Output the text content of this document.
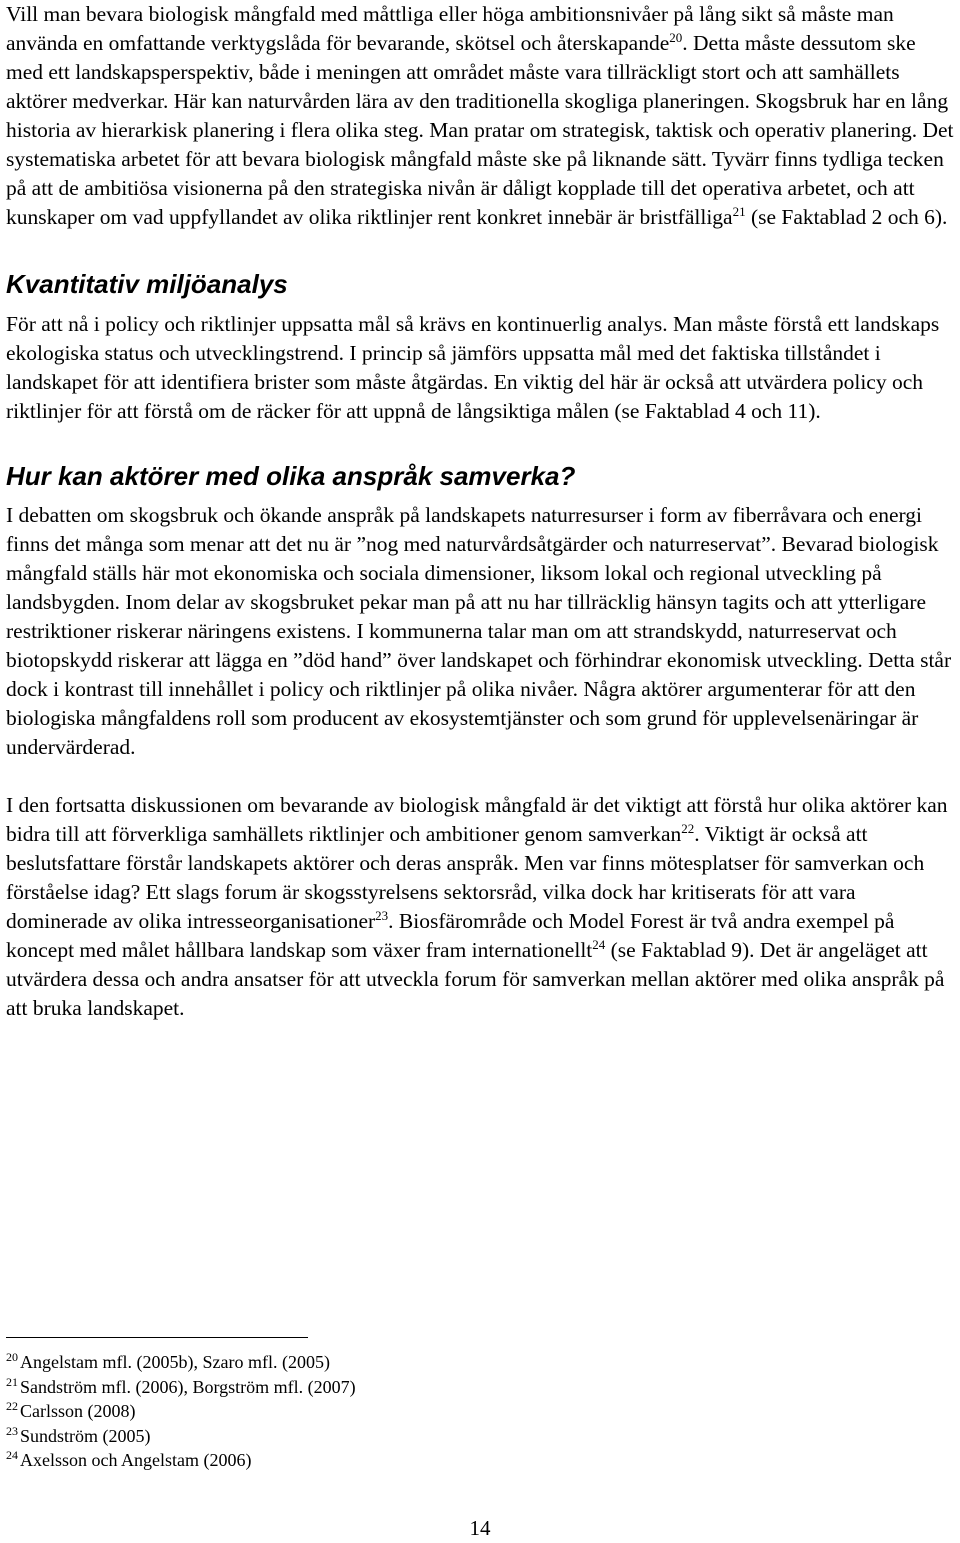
Vill man bevara biologisk mångfald med måttliga eller höga ambitionsnivåer på lång sikt så måste man använda en omfattande verktygslåda för bevarande, skötsel och återskapande$^{20}$. Detta måste dessutom ske med ett landskapsperspektiv, både i meningen att området måste vara tillräckligt stort och att samhällets aktörer medverkar. Här kan naturvården lära av den traditionella skogliga planeringen. Skogsbruk har en lång historia av hierarkisk planering i flera olika steg. Man pratar om strategisk, taktisk och operativ planering. Det systematiska arbetet för att bevara biologisk mångfald måste ske på liknande sätt. Tyvärr finns tydliga tecken på att de ambitiösa visionerna på den strategiska nivån är dåligt kopplade till det operativa arbetet, och att kunskaper om vad uppfyllandet av olika riktlinjer rent konkret innebär är bristfälliga$^{21}$ (se Faktablad 2 och 6).

Kvantitativ miljöanalys

För att nå i policy och riktlinjer uppsatta mål så krävs en kontinuerlig analys. Man måste förstå ett landskaps ekologiska status och utvecklingstrend. I princip så jämförs uppsatta mål med det faktiska tillståndet i landskapet för att identifiera brister som måste åtgärdas. En viktig del här är också att utvärdera policy och riktlinjer för att förstå om de räcker för att uppnå de långsiktiga målen (se Faktablad 4 och 11).

Hur kan aktörer med olika anspråk samverka?

I debatten om skogsbruk och ökande anspråk på landskapets naturresurser i form av fiberråvara och energi finns det många som menar att det nu är ”nog med naturvårdsåtgärder och naturreservat”. Bevarad biologisk mångfald ställs här mot ekonomiska och sociala dimensioner, liksom lokal och regional utveckling på landsbygden. Inom delar av skogsbruket pekar man på att nu har tillräcklig hänsyn tagits och att ytterligare restriktioner riskerar näringens existens. I kommunerna talar man om att strandskydd, naturreservat och biotopskydd riskerar att lägga en ”död hand” över landskapet och förhindrar ekonomisk utveckling. Detta står dock i kontrast till innehållet i policy och riktlinjer på olika nivåer. Några aktörer argumenterar för att den biologiska mångfaldens roll som producent av ekosystemtjänster och som grund för upplevelsenäringar är undervärderad.

I den fortsatta diskussionen om bevarande av biologisk mångfald är det viktigt att förstå hur olika aktörer kan bidra till att förverkliga samhällets riktlinjer och ambitioner genom samverkan$^{22}$. Viktigt är också att beslutsfattare förstår landskapets aktörer och deras anspråk. Men var finns mötesplatser för samverkan och förståelse idag? Ett slags forum är skogsstyrelsens sektorsråd, vilka dock har kritiserats för att vara dominerade av olika intresseorganisationer$^{23}$. Biosfärområde och Model Forest är två andra exempel på koncept med målet hållbara landskap som växer fram internationellt$^{24}$ (se Faktablad 9). Det är angeläget att utvärdera dessa och andra ansatser för att utveckla forum för samverkan mellan aktörer med olika anspråk på att bruka landskapet.

$^{20}$ Angelstam mfl. (2005b), Szaro mfl. (2005)
$^{21}$ Sandström mfl. (2006), Borgström mfl. (2007)
$^{22}$ Carlsson (2008)
$^{23}$ Sundström (2005)
$^{24}$ Axelsson och Angelstam (2006)
14
